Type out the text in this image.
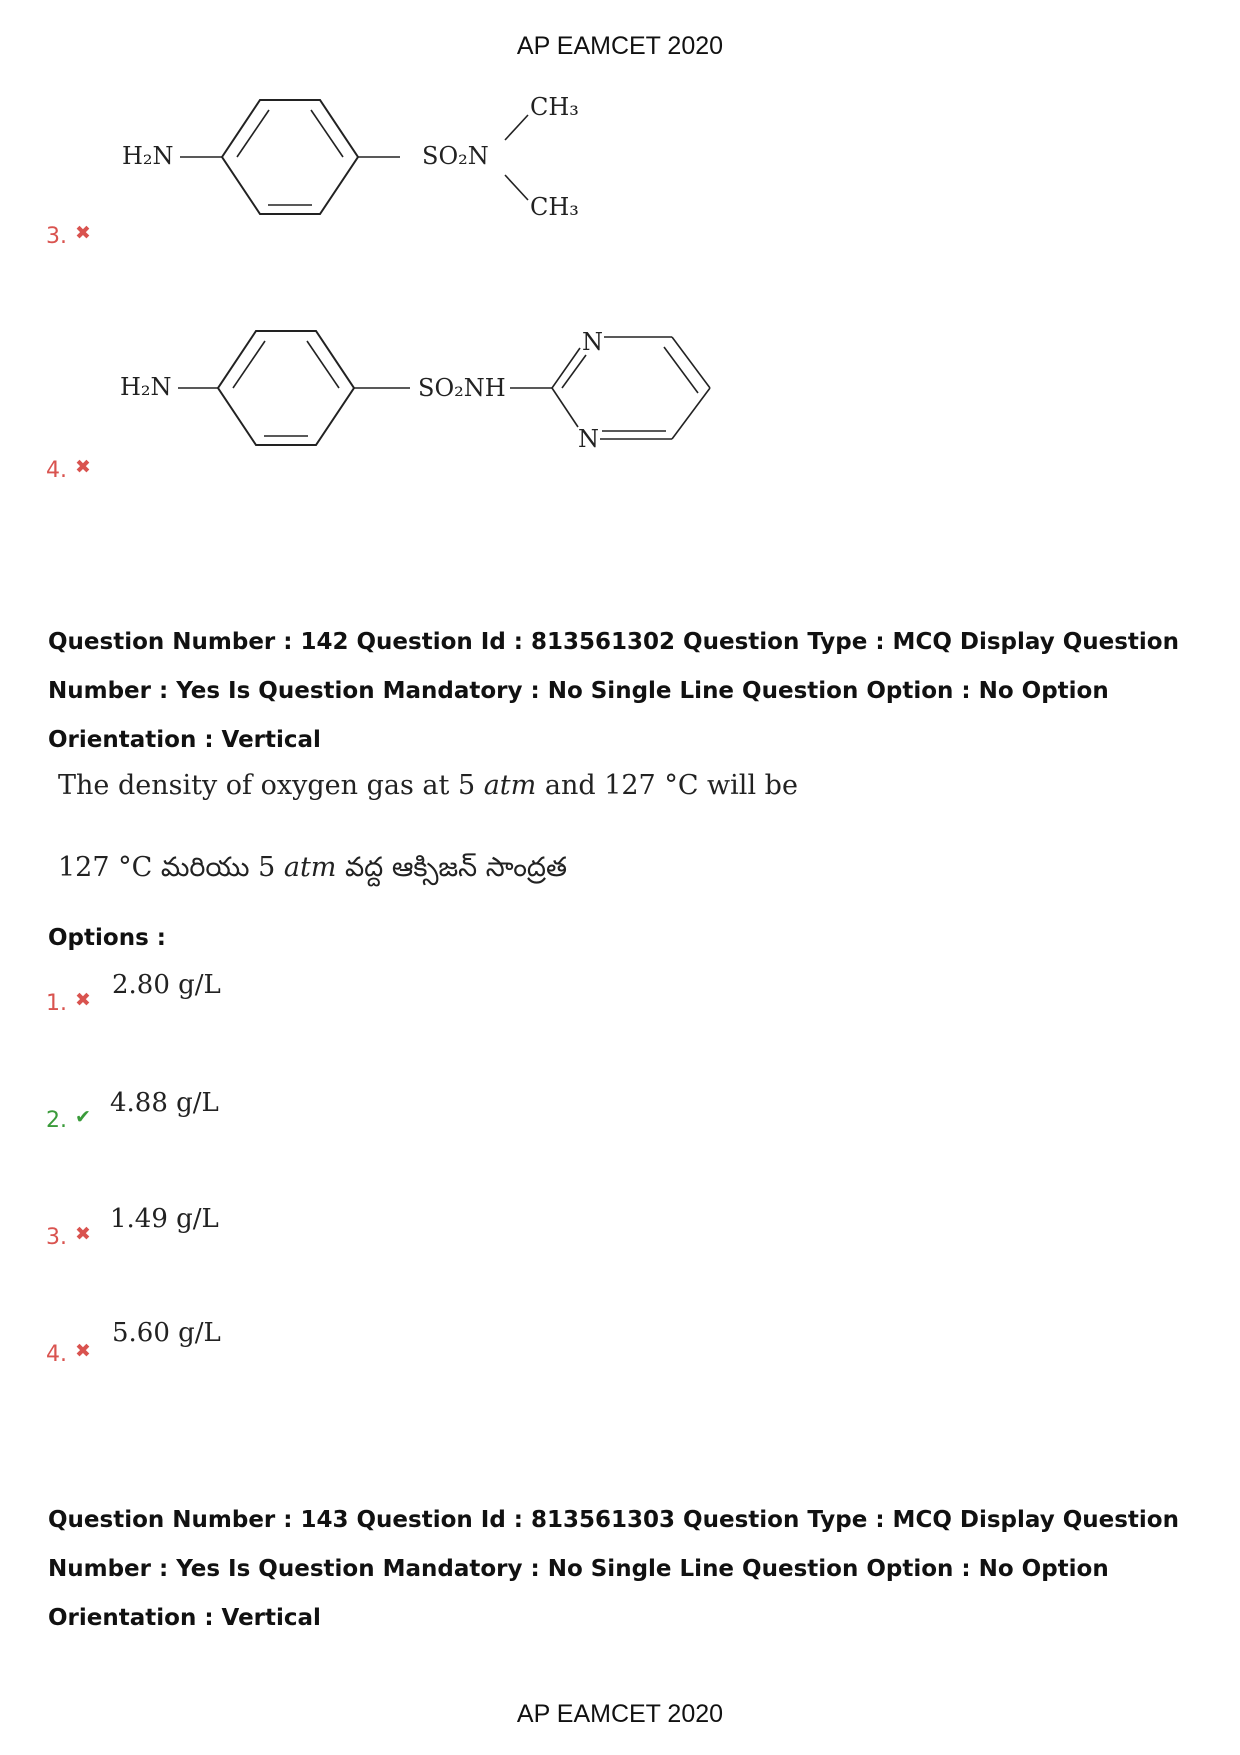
AP EAMCET 2020
3. ✖
H₂N	SO₂N
CH₃
CH₃
4. ✖
H₂N	SO₂NH
N
N
Question Number : 142 Question Id : 813561302 Question Type : MCQ Display Question
Number : Yes Is Question Mandatory : No Single Line Question Option : No Option
Orientation : Vertical
The density of oxygen gas at 5 atm and 127 °C will be
127 °C మరియు 5 atm వద్ద ఆక్సిజన్ సాంద్రత
Options :
1. ✖ 2.80 g/L
2. ✔ 4.88 g/L
3. ✖ 1.49 g/L
4. ✖
5.60 g/L
Question Number : 143 Question Id : 813561303 Question Type : MCQ Display Question
Number : Yes Is Question Mandatory : No Single Line Question Option : No Option
Orientation : Vertical
AP EAMCET 2020
